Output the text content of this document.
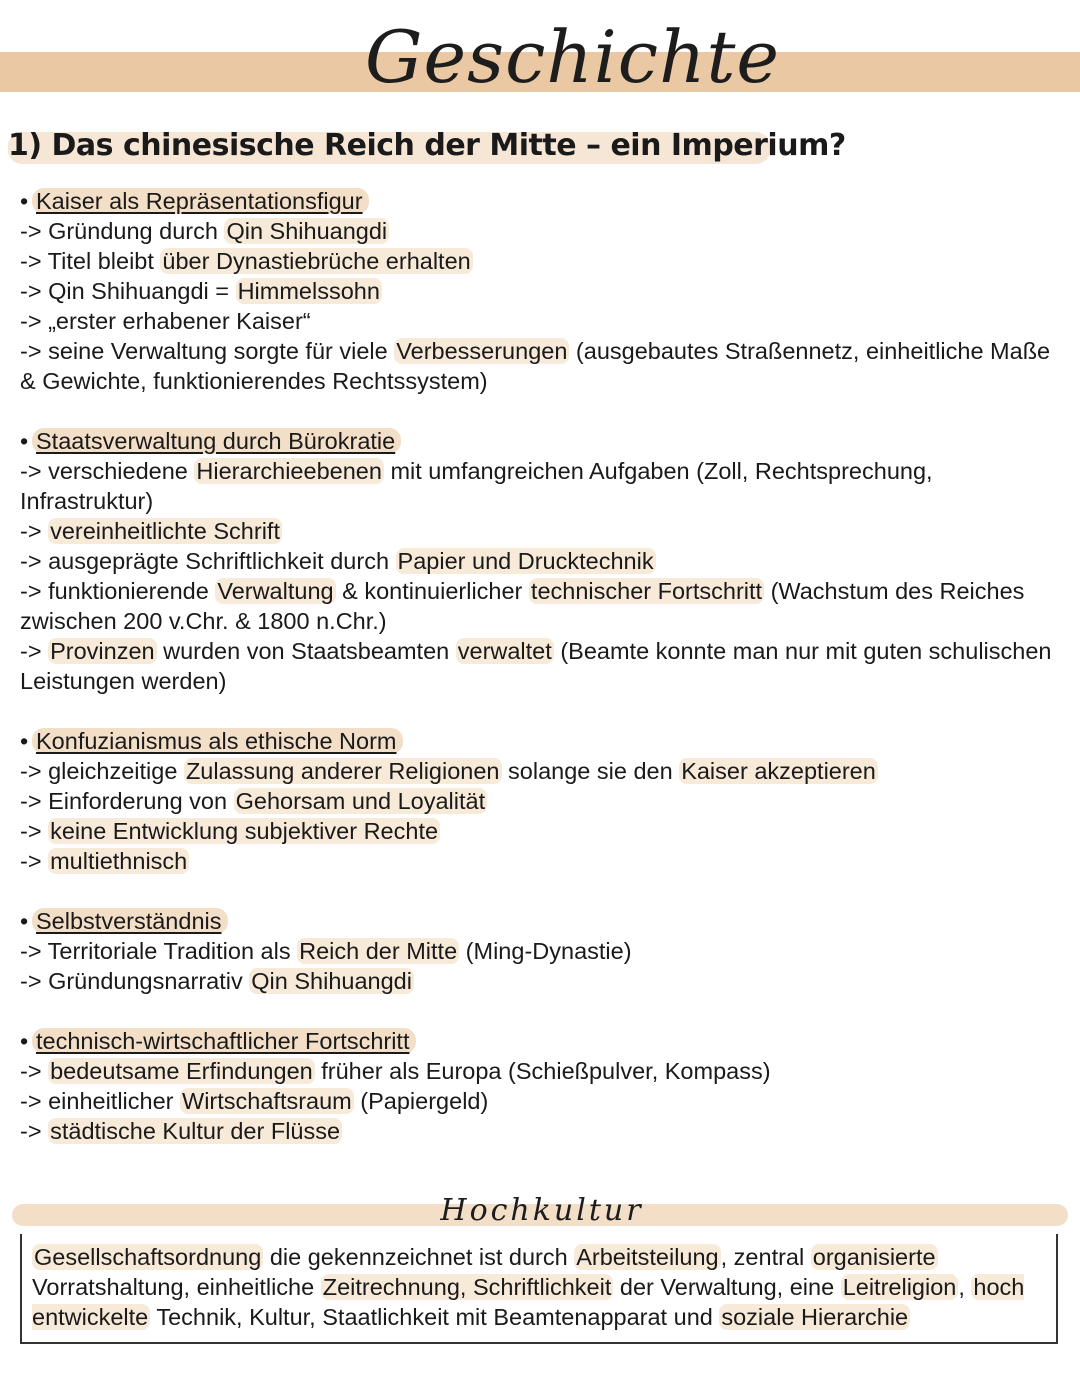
Geschichte
1) Das chinesische Reich der Mitte – ein Imperium?
• Kaiser als Repräsentationsfigur
-> Gründung durch Qin Shihuangdi
-> Titel bleibt über Dynastiebrüche erhalten
-> Qin Shihuangdi = Himmelssohn
-> „erster erhabener Kaiser“
-> seine Verwaltung sorgte für viele Verbesserungen (ausgebautes Straßennetz, einheitliche Maße & Gewichte, funktionierendes Rechtssystem)
• Staatsverwaltung durch Bürokratie
-> verschiedene Hierarchieebenen mit umfangreichen Aufgaben (Zoll, Rechtsprechung, Infrastruktur)
-> vereinheitlichte Schrift
-> ausgeprägte Schriftlichkeit durch Papier und Drucktechnik
-> funktionierende Verwaltung & kontinuierlicher technischer Fortschritt (Wachstum des Reiches zwischen 200 v.Chr. & 1800 n.Chr.)
-> Provinzen wurden von Staatsbeamten verwaltet (Beamte konnte man nur mit guten schulischen Leistungen werden)
• Konfuzianismus als ethische Norm
-> gleichzeitige Zulassung anderer Religionen solange sie den Kaiser akzeptieren
-> Einforderung von Gehorsam und Loyalität
-> keine Entwicklung subjektiver Rechte
-> multiethnisch
• Selbstverständnis
-> Territoriale Tradition als Reich der Mitte (Ming-Dynastie)
-> Gründungsnarrativ Qin Shihuangdi
• technisch-wirtschaftlicher Fortschritt
-> bedeutsame Erfindungen früher als Europa (Schießpulver, Kompass)
-> einheitlicher Wirtschaftsraum (Papiergeld)
-> städtische Kultur der Flüsse
Hochkultur
Gesellschaftsordnung die gekennzeichnet ist durch Arbeitsteilung, zentral organisierte Vorratshaltung, einheitliche Zeitrechnung, Schriftlichkeit der Verwaltung, eine Leitreligion, hoch entwickelte Technik, Kultur, Staatlichkeit mit Beamtenapparat und soziale Hierarchie
